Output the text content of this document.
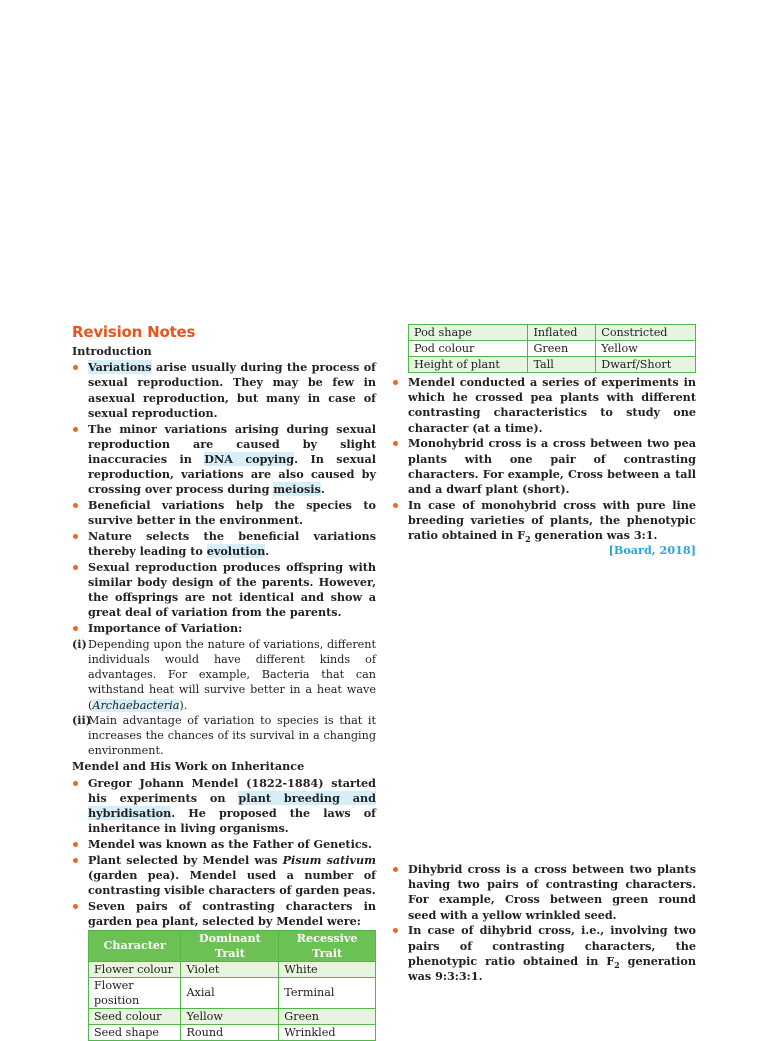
Revision Notes
Introduction
Variations arise usually during the process of sexual reproduction. They may be few in asexual reproduction, but many in case of sexual reproduction.
The minor variations arising during sexual reproduction are caused by slight inaccuracies in DNA copying. In sexual reproduction, variations are also caused by crossing over process during meiosis.
Beneficial variations help the species to survive better in the environment.
Nature selects the beneficial variations thereby leading to evolution.
Sexual reproduction produces offspring with similar body design of the parents. However, the offsprings are not identical and show a great deal of variation from the parents.
Importance of Variation:
(i) Depending upon the nature of variations, different individuals would have different kinds of advantages. For example, Bacteria that can withstand heat will survive better in a heat wave (Archaebacteria).
(ii)
Main advantage of variation to species is that it increases the chances of its survival in a changing environment.
Mendel and His Work on Inheritance
Gregor Johann Mendel (1822-1884) started his experiments on plant breeding and hybridisation. He proposed the laws of inheritance in living organisms.
Mendel was known as the Father of Genetics.
Plant selected by Mendel was Pisum sativum (garden pea). Mendel used a number of contrasting visible characters of garden peas.
Seven pairs of contrasting characters in garden pea plant, selected by Mendel were:
Character	Dominant Trait	Recessive Trait
Flower colour	Violet	White
Flower position	Axial	Terminal
Seed colour	Yellow	Green
Seed shape	Round	Wrinkled
Pod shape	Inflated	Constricted
Pod colour	Green	Yellow
Height of plant	Tall	Dwarf/Short
Mendel conducted a series of experiments in which he crossed pea plants with different contrasting characteristics to study one character (at a time).
Monohybrid cross is a cross between two pea plants with one pair of contrasting characters. For example, Cross between a tall and a dwarf plant (short).
In case of monohybrid cross with pure line breeding varieties of plants, the phenotypic ratio obtained in $F_2$ generation was 3:1.
[Board, 2018]
Dihybrid cross is a cross between two plants having two pairs of contrasting characters. For example, Cross between green round seed with a yellow wrinkled seed.
In case of dihybrid cross, i.e., involving two pairs of contrasting characters, the phenotypic ratio obtained in $F_2$ generation was 9:3:3:1.
